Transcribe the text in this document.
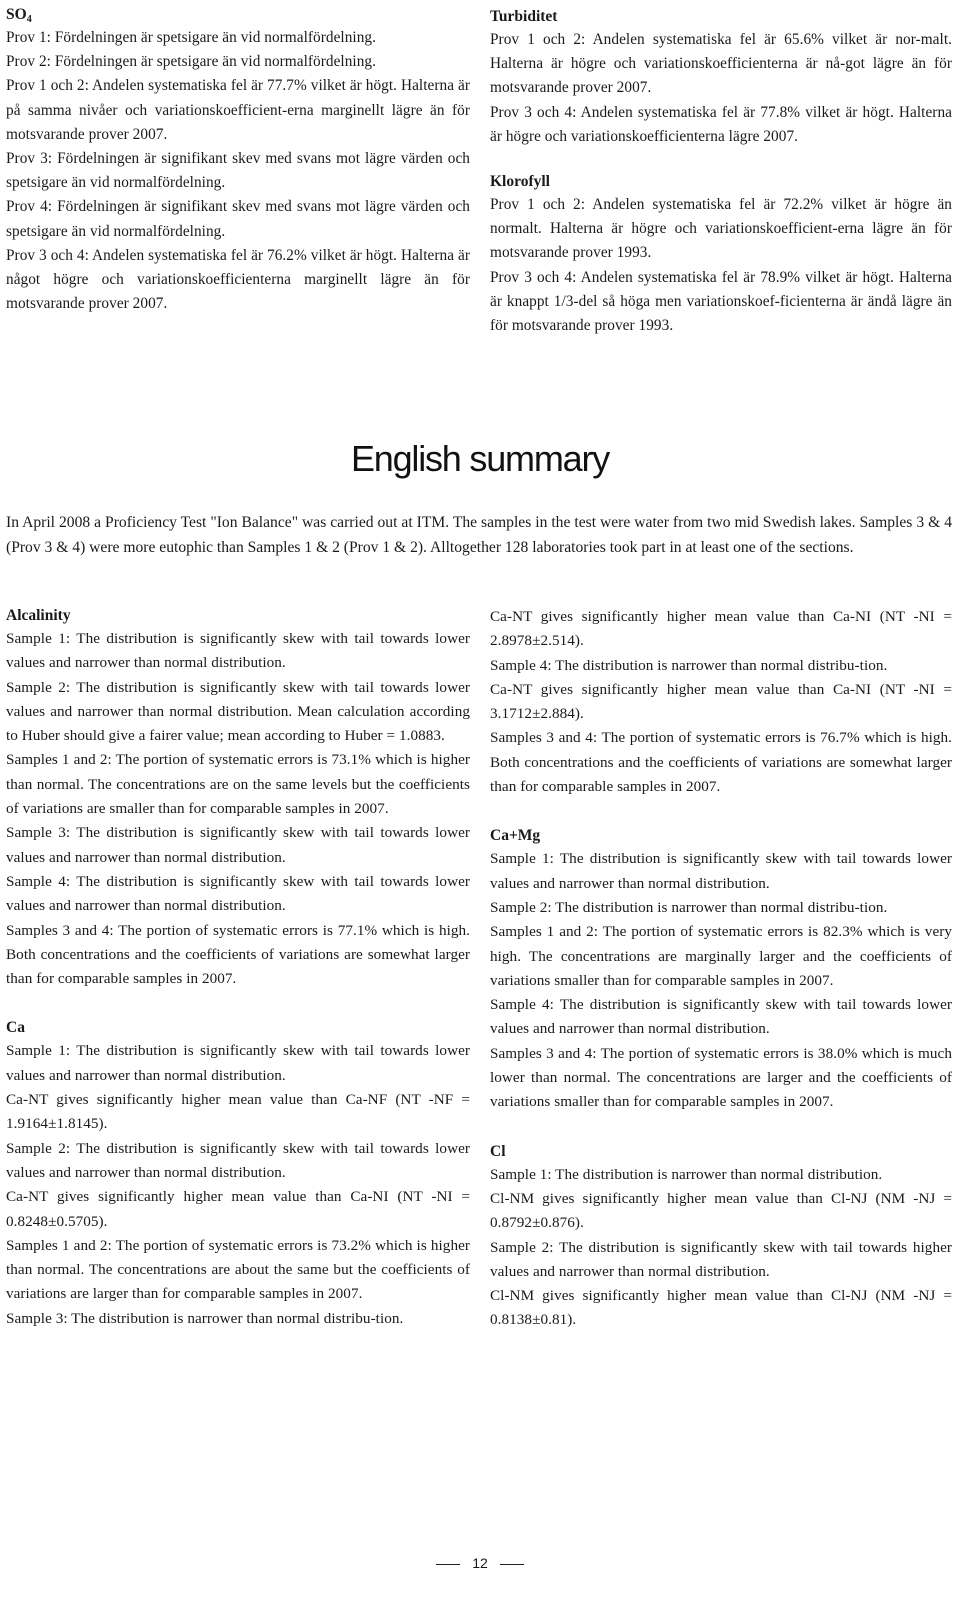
$SO_4$

Prov 1: Fördelningen är spetsigare än vid normalfördelning.

Prov 2: Fördelningen är spetsigare än vid normalfördelning.

Prov 1 och 2: Andelen systematiska fel är 77.7% vilket är högt. Halterna är på samma nivåer och variationskoefficient-erna marginellt lägre än för motsvarande prover 2007.

Prov 3: Fördelningen är signifikant skev med svans mot lägre värden och spetsigare än vid normalfördelning.

Prov 4: Fördelningen är signifikant skev med svans mot lägre värden och spetsigare än vid normalfördelning.

Prov 3 och 4: Andelen systematiska fel är 76.2% vilket är högt. Halterna är något högre och variationskoefficienterna marginellt lägre än för motsvarande prover 2007.

Turbiditet

Prov 1 och 2: Andelen systematiska fel är 65.6% vilket är nor-malt. Halterna är högre och variationskoefficienterna är nå-got lägre än för motsvarande prover 2007.

Prov 3 och 4: Andelen systematiska fel är 77.8% vilket är högt. Halterna är högre och variationskoefficienterna lägre 2007.

Klorofyll

Prov 1 och 2: Andelen systematiska fel är 72.2% vilket är högre än normalt. Halterna är högre och variationskoefficient-erna lägre än för motsvarande prover 1993.

Prov 3 och 4: Andelen systematiska fel är 78.9% vilket är högt. Halterna är knappt 1/3-del så höga men variationskoef-ficienterna är ändå lägre än för motsvarande prover 1993.

English summary

In April 2008 a Proficiency Test "Ion Balance" was carried out at ITM. The samples in the test were water from two mid Swedish lakes. Samples 3 & 4 (Prov 3 & 4) were more eutophic than Samples 1 & 2 (Prov 1 & 2). Alltogether 128 laboratories took part in at least one of the sections.

Alcalinity

Sample 1: The distribution is significantly skew with tail towards lower values and narrower than normal distribution.

Sample 2: The distribution is significantly skew with tail towards lower values and narrower than normal distribution. Mean calculation according to Huber should give a fairer value; mean according to Huber = 1.0883.

Samples 1 and 2: The portion of systematic errors is 73.1% which is higher than normal. The concentrations are on the same levels but the coefficients of variations are smaller than for comparable samples in 2007.

Sample 3: The distribution is significantly skew with tail towards lower values and narrower than normal distribution.

Sample 4: The distribution is significantly skew with tail towards lower values and narrower than normal distribution.

Samples 3 and 4: The portion of systematic errors is 77.1% which is high. Both concentrations and the coefficients of variations are somewhat larger than for comparable samples in 2007.

Ca

Sample 1: The distribution is significantly skew with tail towards lower values and narrower than normal distribution.

Ca-NT gives significantly higher mean value than Ca-NF (NT -NF = 1.9164±1.8145).

Sample 2: The distribution is significantly skew with tail towards lower values and narrower than normal distribution.

Ca-NT gives significantly higher mean value than Ca-NI (NT -NI = 0.8248±0.5705).

Samples 1 and 2: The portion of systematic errors is 73.2% which is higher than normal. The concentrations are about the same but the coefficients of variations are larger than for comparable samples in 2007.

Sample 3: The distribution is narrower than normal distribu-tion.

Ca-NT gives significantly higher mean value than Ca-NI (NT -NI = 2.8978±2.514).

Sample 4: The distribution is narrower than normal distribu-tion.

Ca-NT gives significantly higher mean value than Ca-NI (NT -NI = 3.1712±2.884).

Samples 3 and 4: The portion of systematic errors is 76.7% which is high. Both concentrations and the coefficients of variations are somewhat larger than for comparable samples in 2007.

Ca+Mg

Sample 1: The distribution is significantly skew with tail towards lower values and narrower than normal distribution.

Sample 2: The distribution is narrower than normal distribu-tion.

Samples 1 and 2: The portion of systematic errors is 82.3% which is very high. The concentrations are marginally larger and the coefficients of variations smaller than for comparable samples in 2007.

Sample 4: The distribution is significantly skew with tail towards lower values and narrower than normal distribution.

Samples 3 and 4: The portion of systematic errors is 38.0% which is much lower than normal. The concentrations are larger and the coefficients of variations smaller than for comparable samples in 2007.

Cl

Sample 1: The distribution is narrower than normal distribution.

Cl-NM gives significantly higher mean value than Cl-NJ (NM -NJ = 0.8792±0.876).

Sample 2: The distribution is significantly skew with tail towards higher values and narrower than normal distribution.

Cl-NM gives significantly higher mean value than Cl-NJ (NM -NJ = 0.8138±0.81).

12
